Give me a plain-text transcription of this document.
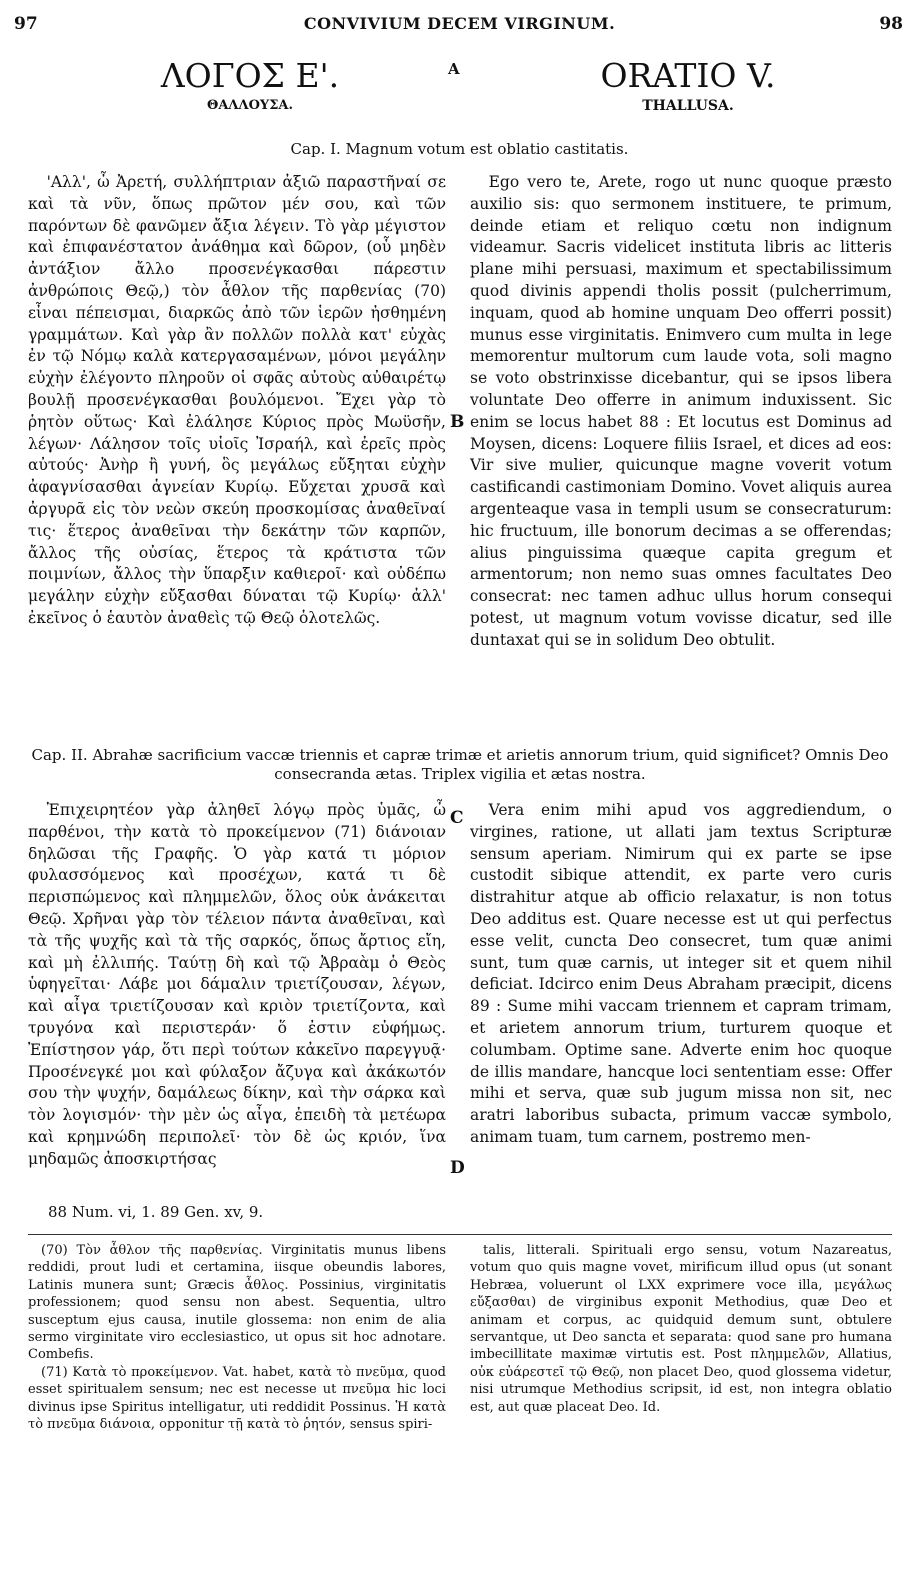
97	CONVIVIUM DECEM VIRGINUM.	98
ΛΟΓΟΣ Ε'.
ΘΑΛΛΟΥΣΑ.
A	ORATIO V.
THALLUSA.
Cap. I. Magnum votum est oblatio castitatis.

'Αλλ', ὦ Ἀρετή, συλλήπτριαν ἀξιῶ παραστῆναί σε καὶ τὰ νῦν, ὅπως πρῶτον μέν σου, καὶ τῶν παρόντων δὲ φανῶμεν ἄξια λέγειν. Τὸ γὰρ μέγιστον καὶ ἐπιφανέστατον ἀνάθημα καὶ δῶρον, (οὗ μηδὲν ἀντάξιον ἄλλο προσενέγκασθαι πάρεστιν ἀνθρώποις Θεῷ,) τὸν ἆθλον τῆς παρθενίας (70) εἶναι πέπεισμαι, διαρκῶς ἀπὸ τῶν ἱερῶν ἠσθημένη γραμμάτων. Καὶ γὰρ ἂν πολλῶν πολλὰ κατ' εὐχὰς ἐν τῷ Νόμῳ καλὰ κατεργασαμένων, μόνοι μεγάλην εὐχὴν ἐλέγοντο πληροῦν οἱ σφᾶς αὐτοὺς αὐθαιρέτῳ βουλῇ προσενέγκασθαι βουλόμενοι. Ἔχει γὰρ τὸ ῥητὸν οὕτως· Καὶ ἐλάλησε Κύριος πρὸς Μωϋσῆν, λέγων· Λάλησον τοῖς υἱοῖς Ἰσραήλ, καὶ ἐρεῖς πρὸς αὐτούς· Ἀνὴρ ἢ γυνή, ὃς μεγάλως εὔξηται εὐχὴν ἀφαγνίσασθαι ἁγνείαν Κυρίῳ. Εὔχεται χρυσᾶ καὶ ἀργυρᾶ εἰς τὸν νεὼν σκεύη προσκομίσας ἀναθεῖναί τις· ἕτερος ἀναθεῖναι τὴν δεκάτην τῶν καρπῶν, ἄλλος τῆς οὐσίας, ἕτερος τὰ κράτιστα τῶν ποιμνίων, ἄλλος τὴν ὕπαρξιν καθιεροῖ· καὶ οὐδέπω μεγάλην εὐχὴν εὔξασθαι δύναται τῷ Κυρίῳ· ἀλλ' ἐκεῖνος ὁ ἑαυτὸν ἀναθεὶς τῷ Θεῷ ὁλοτελῶς.

Ego vero te, Arete, rogo ut nunc quoque præsto auxilio sis: quo sermonem instituere, te primum, deinde etiam et reliquo cœtu non indignum videamur. Sacris videlicet instituta libris ac litteris plane mihi persuasi, maximum et spectabilissimum quod divinis appendi tholis possit (pulcherrimum, inquam, quod ab homine unquam Deo offerri possit) munus esse virginitatis. Enimvero cum multa in lege memorentur multorum cum laude vota, soli magno se voto obstrinxisse dicebantur, qui se ipsos libera voluntate Deo offerre in animum induxissent. Sic enim se locus habet 88 : Et locutus est Dominus ad Moysen, dicens: Loquere filiis Israel, et dices ad eos: Vir sive mulier, quicunque magne voverit votum castificandi castimoniam Domino. Vovet aliquis aurea argenteaque vasa in templi usum se consecraturum: hic fructuum, ille bonorum decimas a se offerendas; alius pinguissima quæque capita gregum et armentorum; non nemo suas omnes facultates Deo consecrat: nec tamen adhuc ullus horum consequi potest, ut magnum votum vovisse dicatur, sed ille duntaxat qui se in solidum Deo obtulit.

B
Cap. II. Abrahæ sacrificium vaccæ triennis et capræ trimæ et arietis annorum trium, quid significet? Omnis Deo consecranda ætas. Triplex vigilia et ætas nostra.
C

Ἐπιχειρητέον γὰρ ἀληθεῖ λόγῳ πρὸς ὑμᾶς, ὦ παρθένοι, τὴν κατὰ τὸ προκείμενον (71) διάνοιαν δηλῶσαι τῆς Γραφῆς. Ὁ γὰρ κατά τι μόριον φυλασσόμενος καὶ προσέχων, κατά τι δὲ περισπώμενος καὶ πλημμελῶν, ὅλος οὐκ ἀνάκειται Θεῷ. Χρῆναι γὰρ τὸν τέλειον πάντα ἀναθεῖναι, καὶ τὰ τῆς ψυχῆς καὶ τὰ τῆς σαρκός, ὅπως ἄρτιος εἴη, καὶ μὴ ἐλλιπής. Ταύτῃ δὴ καὶ τῷ Ἀβραὰμ ὁ Θεὸς ὑφηγεῖται· Λάβε μοι δάμαλιν τριετίζουσαν, λέγων, καὶ αἶγα τριετίζουσαν καὶ κριὸν τριετίζοντα, καὶ τρυγόνα καὶ περιστεράν· ὅ ἐστιν εὐφήμως. Ἐπίστησον γάρ, ὅτι περὶ τούτων κἀκεῖνο παρεγγυᾷ· Προσένεγκέ μοι καὶ φύλαξον ἄζυγα καὶ ἀκάκωτόν σου τὴν ψυχήν, δαμάλεως δίκην, καὶ τὴν σάρκα καὶ τὸν λογισμόν· τὴν μὲν ὡς αἶγα, ἐπειδὴ τὰ μετέωρα καὶ κρημνώδη περιπολεῖ· τὸν δὲ ὡς κριόν, ἵνα μηδαμῶς ἀποσκιρτήσας

Vera enim mihi apud vos aggrediendum, o virgines, ratione, ut allati jam textus Scripturæ sensum aperiam. Nimirum qui ex parte se ipse custodit sibique attendit, ex parte vero curis distrahitur atque ab officio relaxatur, is non totus Deo additus est. Quare necesse est ut qui perfectus esse velit, cuncta Deo consecret, tum quæ animi sunt, tum quæ carnis, ut integer sit et quem nihil deficiat. Idcirco enim Deus Abraham præcipit, dicens 89 : Sume mihi vaccam triennem et capram trimam, et arietem annorum trium, turturem quoque et columbam. Optime sane. Adverte enim hoc quoque de illis mandare, hancque loci sententiam esse: Offer mihi et serva, quæ sub jugum missa non sit, nec aratri laboribus subacta, primum vaccæ symbolo, animam tuam, tum carnem, postremo men-

D
88 Num. vi, 1. 89 Gen. xv, 9.

(70) Τὸν ἆθλον τῆς παρθενίας. Virginitatis munus libens reddidi, prout ludi et certamina, iisque obeundis labores, Latinis munera sunt; Græcis ἆθλος. Possinius, virginitatis professionem; quod sensu non abest. Sequentia, ultro susceptum ejus causa, inutile glossema: non enim de alia sermo virginitate viro ecclesiastico, ut opus sit hoc adnotare. Combefis.

(71) Κατὰ τὸ προκείμενον. Vat. habet, κατὰ τὸ πνεῦμα, quod esset spiritualem sensum; nec est necesse ut πνεῦμα hic loci divinus ipse Spiritus intelligatur, uti reddidit Possinus. Ἡ κατὰ τὸ πνεῦμα διάνοια, opponitur τῇ κατὰ τὸ ῥητόν, sensus spiri-

talis, litterali. Spirituali ergo sensu, votum Nazareatus, votum quo quis magne vovet, mirificum illud opus (ut sonant Hebræa, voluerunt ol LXX exprimere voce illa, μεγάλως εὔξασθαι) de virginibus exponit Methodius, quæ Deo et animam et corpus, ac quidquid demum sunt, obtulere servantque, ut Deo sancta et separata: quod sane pro humana imbecillitate maximæ virtutis est. Post πλημμελῶν, Allatius, οὐκ εὐάρεστεῖ τῷ Θεῷ, non placet Deo, quod glossema videtur, nisi utrumque Methodius scripsit, id est, non integra oblatio est, aut quæ placeat Deo. Id.
